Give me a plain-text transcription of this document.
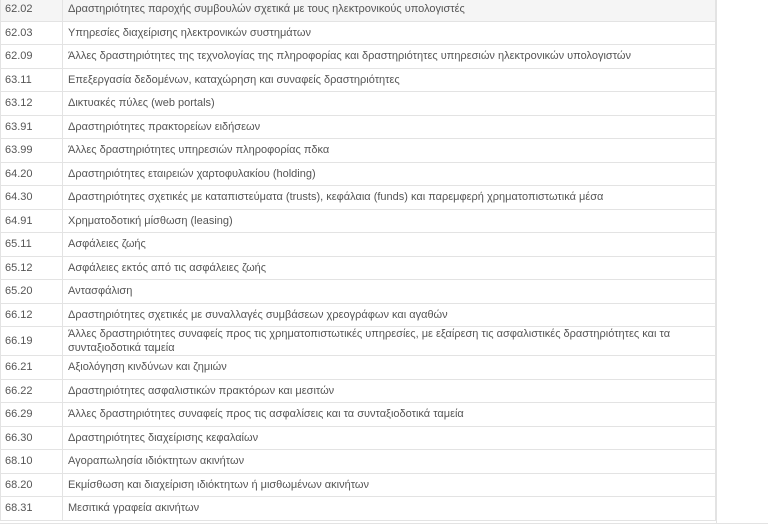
62.02	Δραστηριότητες παροχής συμβουλών σχετικά με τους ηλεκτρονικούς υπολογιστές
62.03	Υπηρεσίες διαχείρισης ηλεκτρονικών συστημάτων
62.09	Άλλες δραστηριότητες της τεχνολογίας της πληροφορίας και δραστηριότητες υπηρεσιών ηλεκτρονικών υπολογιστών
63.11	Επεξεργασία δεδομένων, καταχώρηση και συναφείς δραστηριότητες
63.12	Δικτυακές πύλες (web portals)
63.91	Δραστηριότητες πρακτορείων ειδήσεων
63.99	Άλλες δραστηριότητες υπηρεσιών πληροφορίας πδκα
64.20	Δραστηριότητες εταιρειών χαρτοφυλακίου (holding)
64.30	Δραστηριότητες σχετικές με καταπιστεύματα (trusts), κεφάλαια (funds) και παρεμφερή χρηματοπιστωτικά μέσα
64.91	Χρηματοδοτική μίσθωση (leasing)
65.11	Ασφάλειες ζωής
65.12	Ασφάλειες εκτός από τις ασφάλειες ζωής
65.20	Αντασφάλιση
66.12	Δραστηριότητες σχετικές με συναλλαγές συμβάσεων χρεογράφων και αγαθών
66.19	Άλλες δραστηριότητες συναφείς προς τις χρηματοπιστωτικές υπηρεσίες, με εξαίρεση τις ασφαλιστικές δραστηριότητες και τα συνταξιοδοτικά ταμεία
66.21	Αξιολόγηση κινδύνων και ζημιών
66.22	Δραστηριότητες ασφαλιστικών πρακτόρων και μεσιτών
66.29	Άλλες δραστηριότητες συναφείς προς τις ασφαλίσεις και τα συνταξιοδοτικά ταμεία
66.30	Δραστηριότητες διαχείρισης κεφαλαίων
68.10	Αγοραπωλησία ιδιόκτητων ακινήτων
68.20	Εκμίσθωση και διαχείριση ιδιόκτητων ή μισθωμένων ακινήτων
68.31	Μεσιτικά γραφεία ακινήτων
